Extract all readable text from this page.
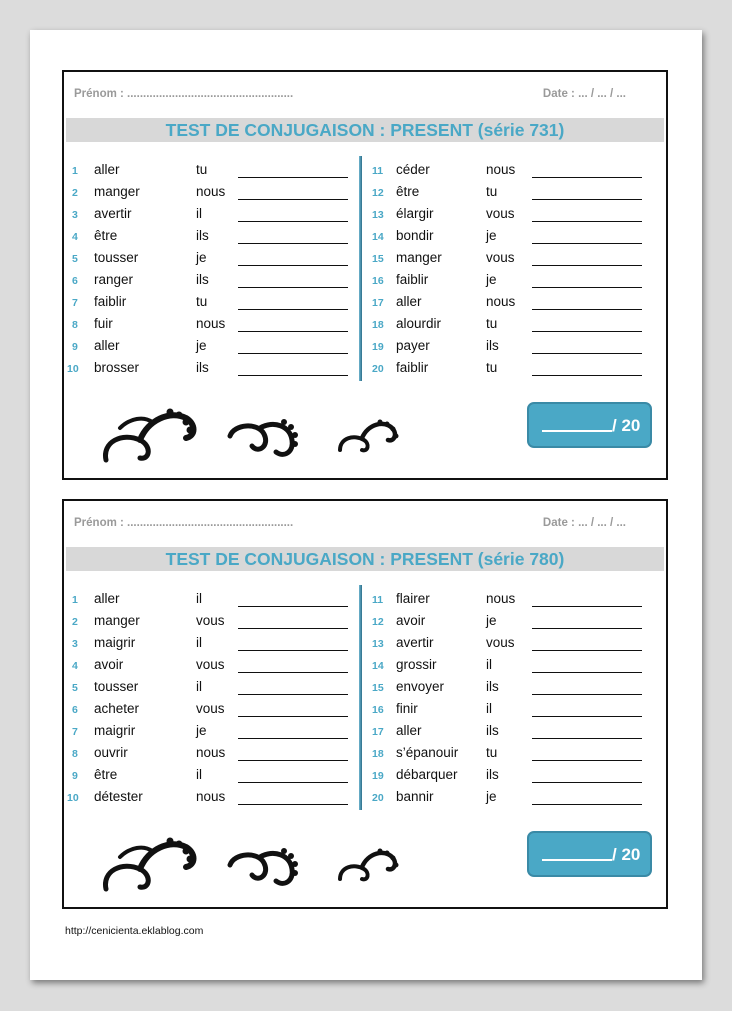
Prénom : ....................................................	Date : ... / ... / ...
TEST DE CONJUGAISON : PRESENT (série 731)
1 aller	tu
2 manger	nous
3 avertir	il
4 être	ils
5 tousser	je
6 ranger	ils
7 faiblir	tu
8 fuir	nous
9 aller	je
10 brosser	ils
11 céder	nous
12 être	tu
13 élargir	vous
14 bondir	je
15 manger	vous
16 faiblir	je
17 aller	nous
18 alourdir	tu
19 payer	ils
20 faiblir	tu
/ 20
Prénom : ....................................................	Date : ... / ... / ...
TEST DE CONJUGAISON : PRESENT (série 780)
1 aller	il
2 manger	vous
3 maigrir	il
4 avoir	vous
5 tousser	il
6 acheter	vous
7 maigrir	je
8 ouvrir	nous
9 être	il
10 détester	nous
11 flairer	nous
12 avoir	je
13 avertir	vous
14 grossir	il
15 envoyer	ils
16 finir	il
17 aller	ils
18 s’épanouir tu
19 débarquer ils
20 bannir	je
/ 20
http://cenicienta.eklablog.com
